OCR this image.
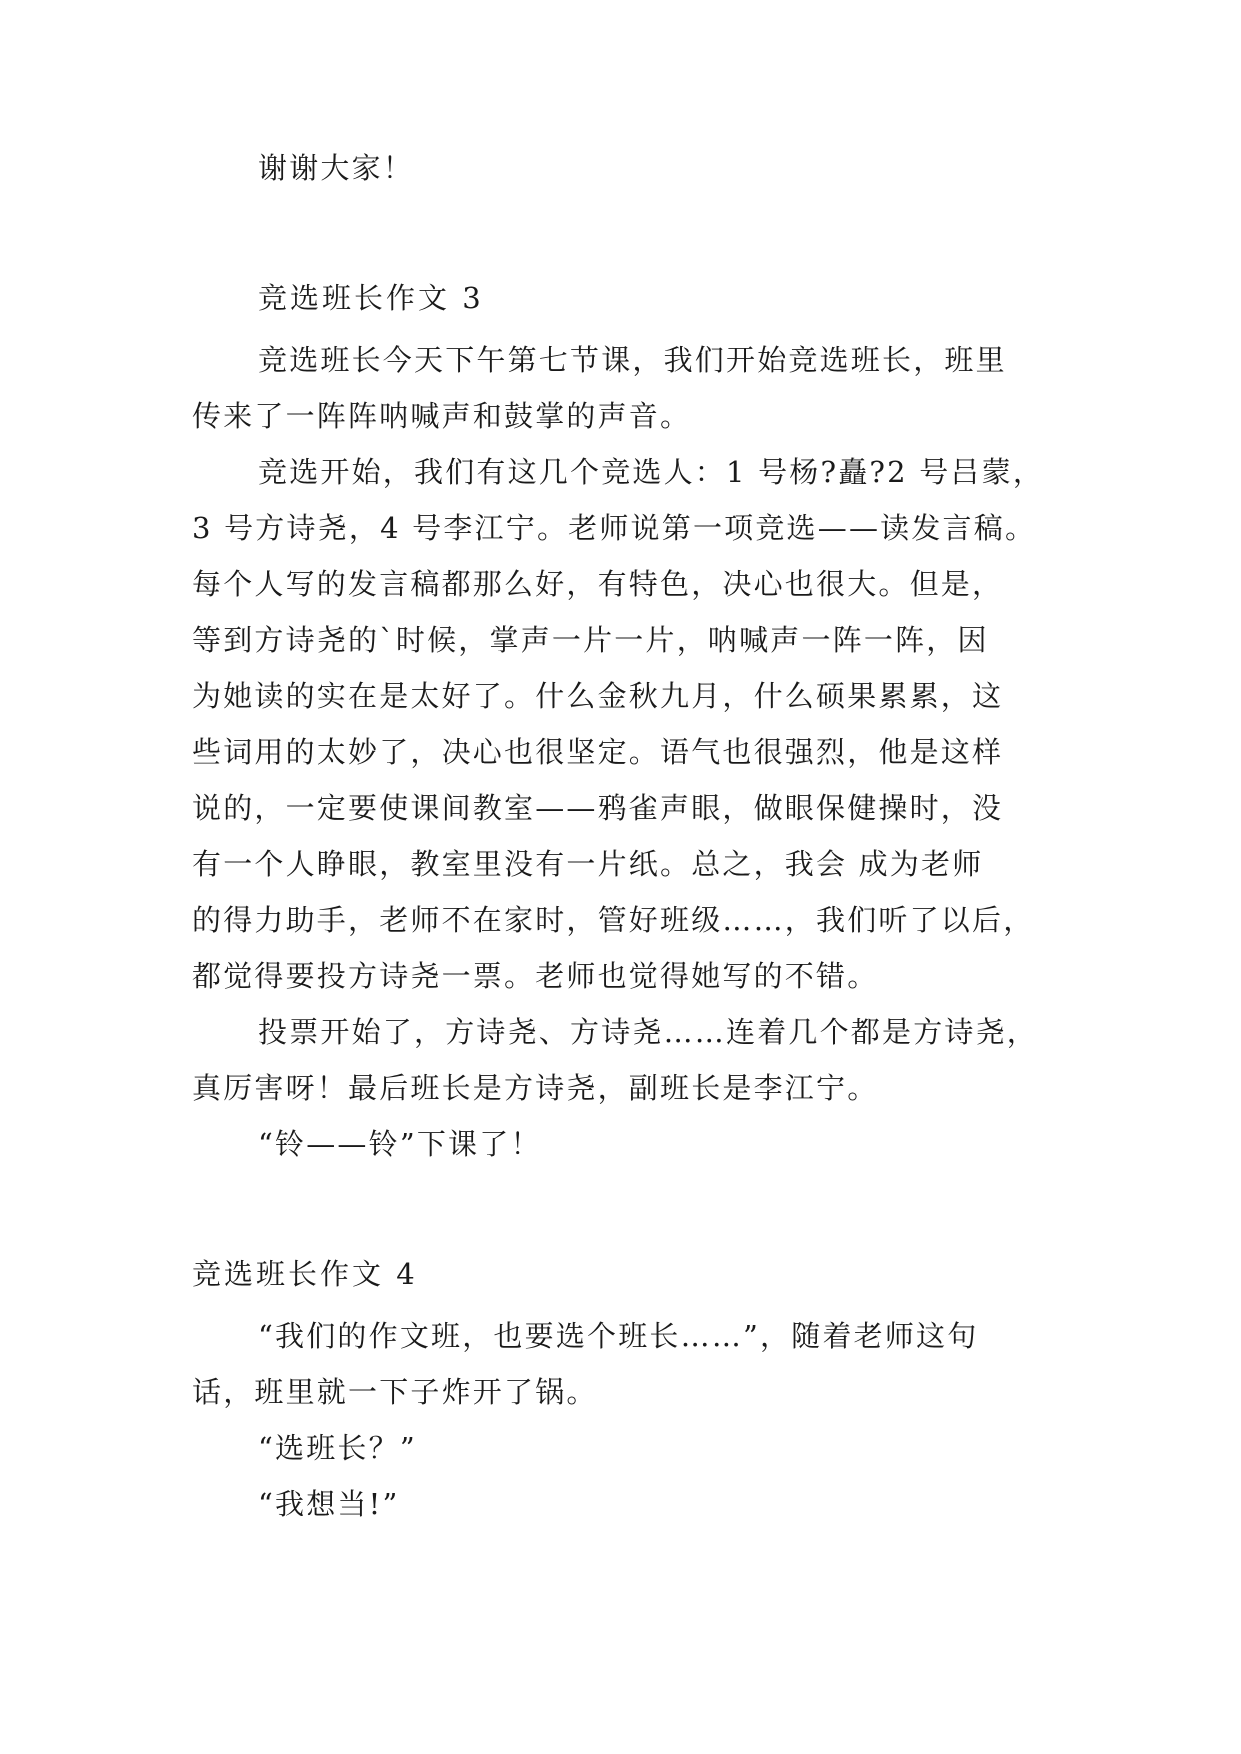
谢谢大家！
竞选班长作文 3
竞选班长今天下午第七节课，我们开始竞选班长，班里
传来了一阵阵呐喊声和鼓掌的声音。
竞选开始，我们有这几个竞选人：1 号杨?矗?2 号吕蒙，
3 号方诗尧，4 号李江宁。老师说第一项竞选——读发言稿。
每个人写的发言稿都那么好，有特色，决心也很大。但是，
等到方诗尧的`时候，掌声一片一片，呐喊声一阵一阵，因
为她读的实在是太好了。什么金秋九月，什么硕果累累，这
些词用的太妙了，决心也很坚定。语气也很强烈，他是这样
说的，一定要使课间教室——鸦雀声眼，做眼保健操时，没
有一个人睁眼，教室里没有一片纸。总之，我会 成为老师
的得力助手，老师不在家时，管好班级……，我们听了以后，
都觉得要投方诗尧一票。老师也觉得她写的不错。
投票开始了，方诗尧、方诗尧……连着几个都是方诗尧，
真厉害呀！最后班长是方诗尧，副班长是李江宁。
“铃——铃”下课了！
竞选班长作文 4
“我们的作文班，也要选个班长……”，随着老师这句
话，班里就一下子炸开了锅。
“选班长？”
“我想当!”
